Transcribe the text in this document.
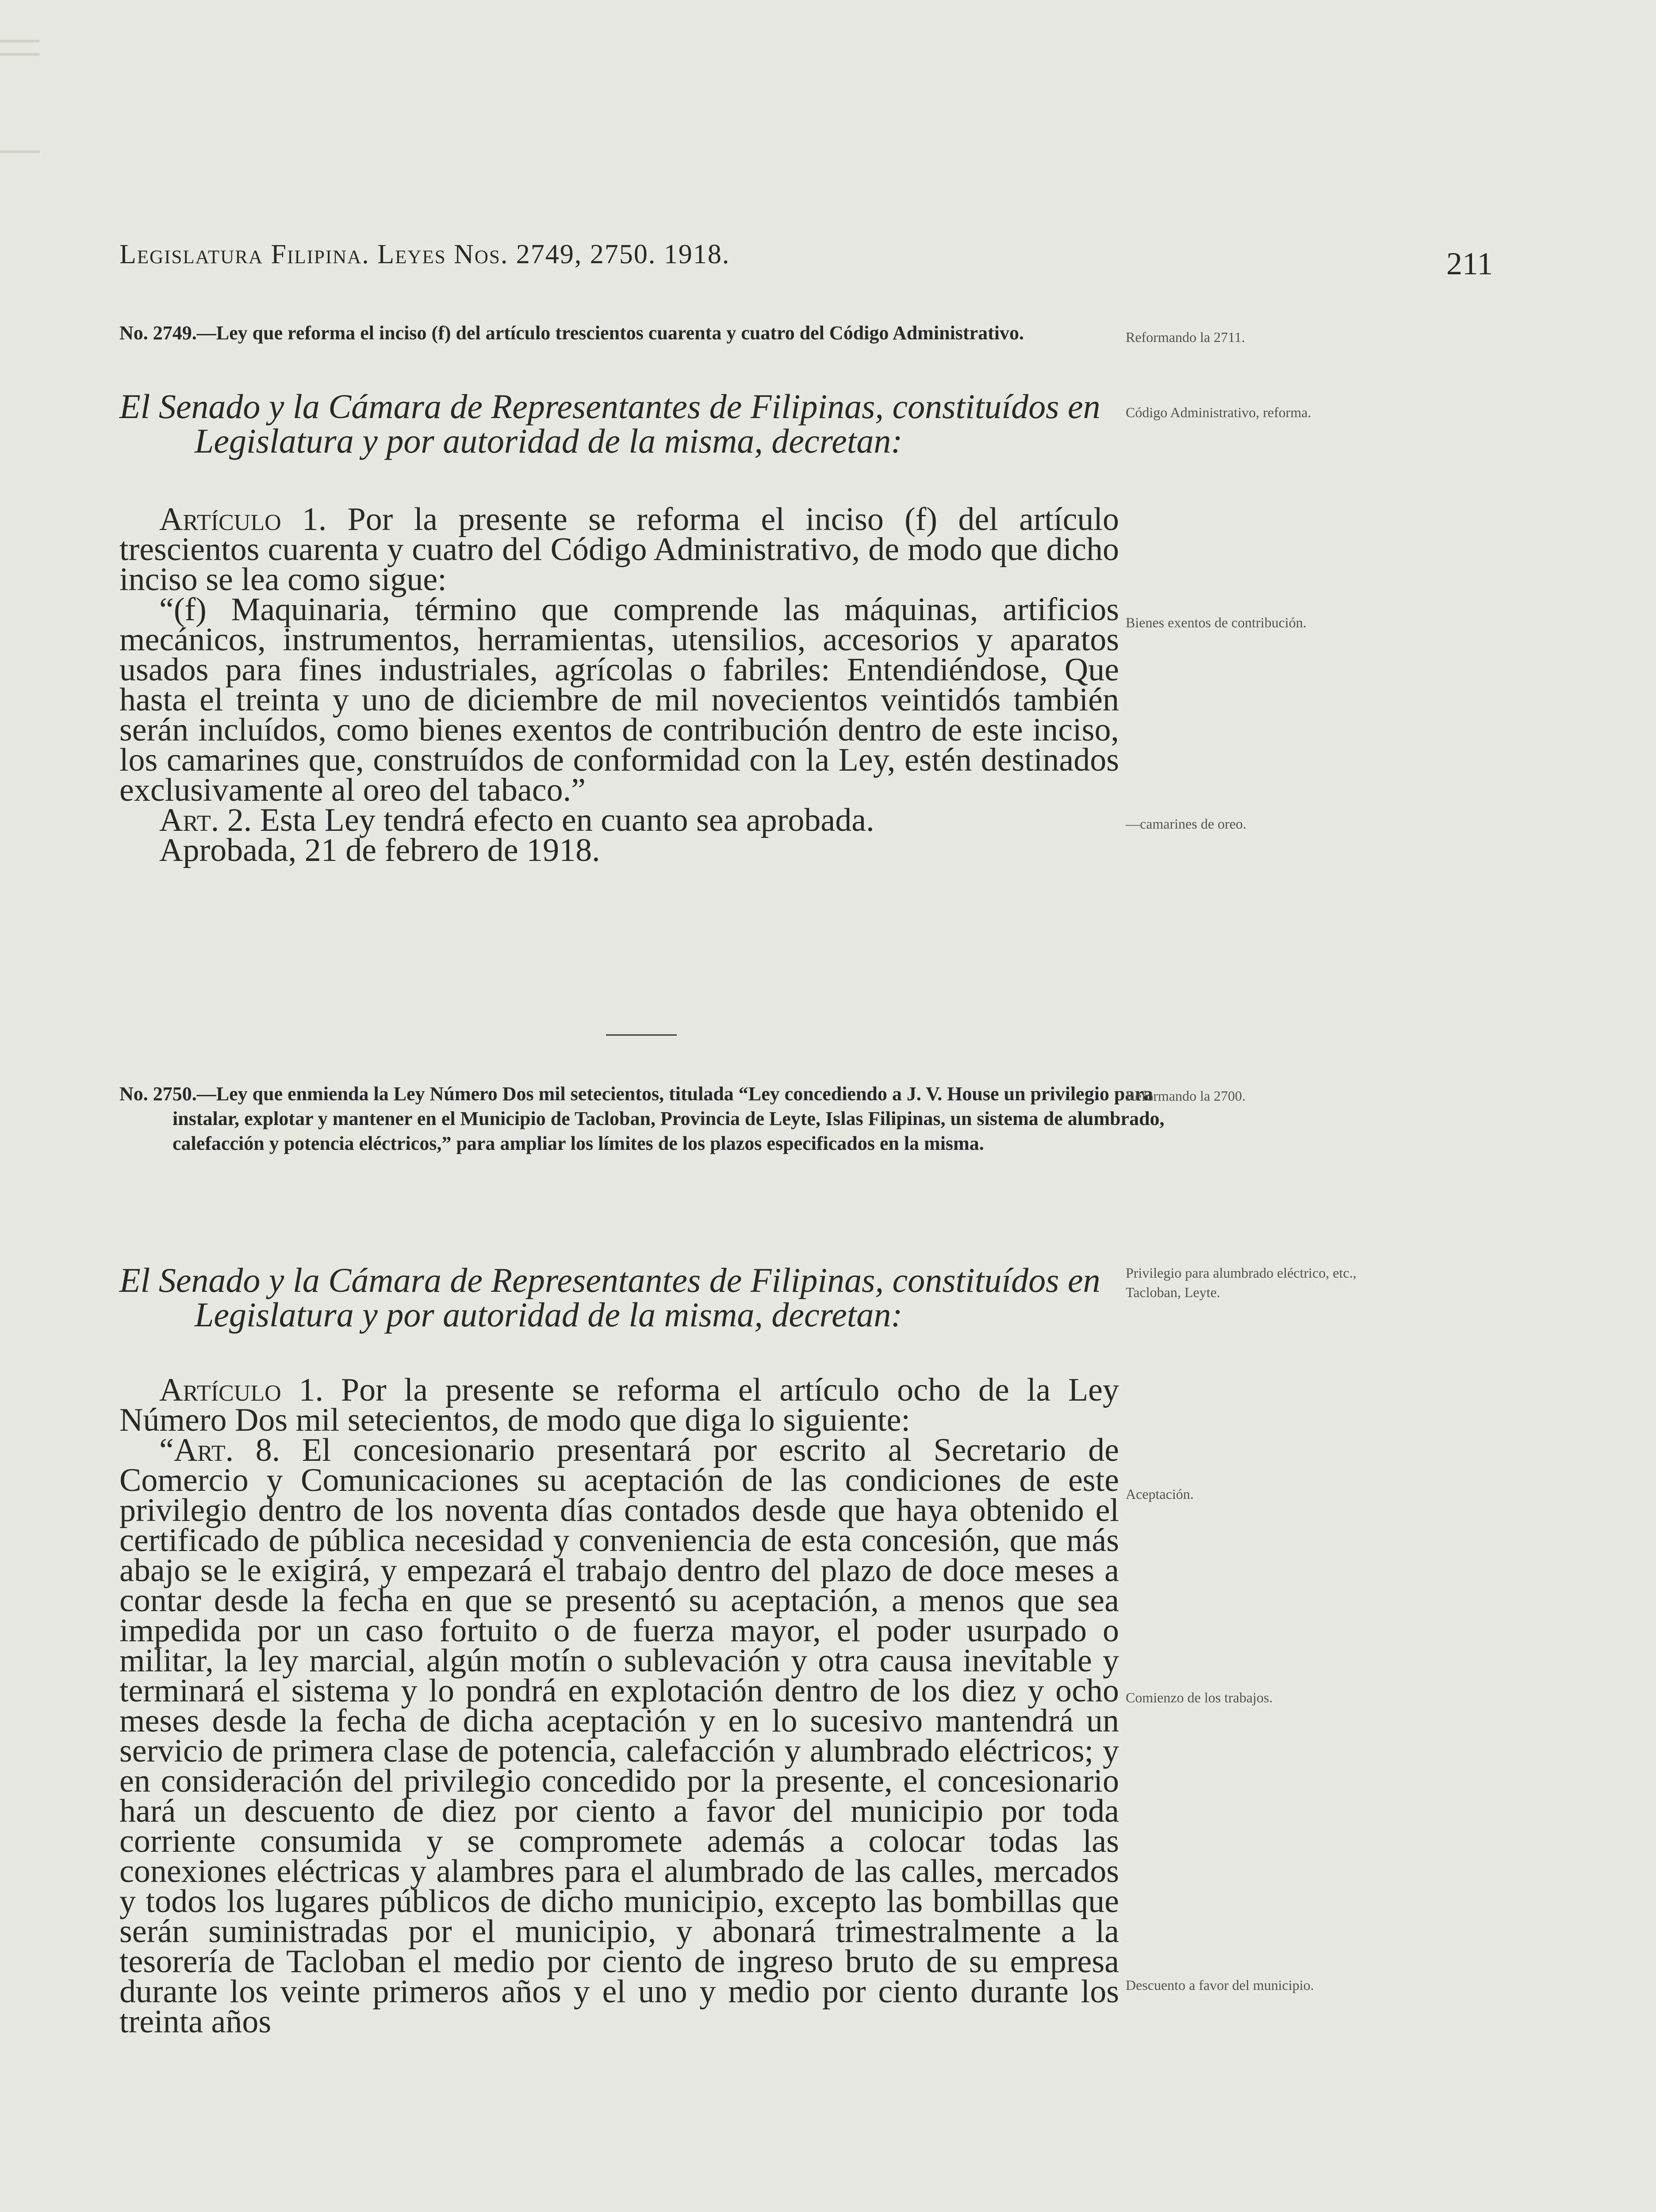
Legislatura Filipina. Leyes Nos. 2749, 2750. 1918.	211
No. 2749.—Ley que reforma el inciso (f) del artículo trescientos cuarenta y cuatro del Código Administrativo.	Reformando la 2711.
El Senado y la Cámara de Representantes de Filipinas, constituídos en Legislatura y por autoridad de la misma, decretan:
Código Administrativo, reforma.

Artículo 1. Por la presente se reforma el inciso (f) del artículo trescientos cuarenta y cuatro del Código Administrativo, de modo que dicho inciso se lea como sigue:

“(f) Maquinaria, término que comprende las máquinas, artificios mecánicos, instrumentos, herramientas, utensilios, accesorios y aparatos usados para fines industriales, agrícolas o fabriles: Entendiéndose, Que hasta el treinta y uno de diciembre de mil novecientos veintidós también serán incluídos, como bienes exentos de contribución dentro de este inciso, los camarines que, construídos de conformidad con la Ley, estén destinados exclusivamente al oreo del tabaco.”

Art. 2. Esta Ley tendrá efecto en cuanto sea aprobada.

Aprobada, 21 de febrero de 1918.

Bienes exentos de contribución.
—camarines de oreo.
No. 2750.—Ley que enmienda la Ley Número Dos mil setecientos, titulada “Ley concediendo a J. V. House un privilegio para instalar, explotar y mantener en el Municipio de Tacloban, Provincia de Leyte, Islas Filipinas, un sistema de alumbrado, calefacción y potencia eléctricos,” para ampliar los límites de los plazos especificados en la misma.
Reformando la 2700.
El Senado y la Cámara de Representantes de Filipinas, constituídos en Legislatura y por autoridad de la misma, decretan:
Privilegio para alumbrado eléctrico, etc., Tacloban, Leyte.

Artículo 1. Por la presente se reforma el artículo ocho de la Ley Número Dos mil setecientos, de modo que diga lo siguiente:

“Art. 8. El concesionario presentará por escrito al Secretario de Comercio y Comunicaciones su aceptación de las condiciones de este privilegio dentro de los noventa días contados desde que haya obtenido el certificado de pública necesidad y conveniencia de esta concesión, que más abajo se le exigirá, y empezará el trabajo dentro del plazo de doce meses a contar desde la fecha en que se presentó su aceptación, a menos que sea impedida por un caso fortuito o de fuerza mayor, el poder usurpado o militar, la ley marcial, algún motín o sublevación y otra causa inevitable y terminará el sistema y lo pondrá en explotación dentro de los diez y ocho meses desde la fecha de dicha aceptación y en lo sucesivo mantendrá un servicio de primera clase de potencia, calefacción y alumbrado eléctricos; y en consideración del privilegio concedido por la presente, el concesionario hará un descuento de diez por ciento a favor del municipio por toda corriente consumida y se compromete además a colocar todas las conexiones eléctricas y alambres para el alumbrado de las calles, mercados y todos los lugares públicos de dicho municipio, excepto las bombillas que serán suministradas por el municipio, y abonará trimestralmente a la tesorería de Tacloban el medio por ciento de ingreso bruto de su empresa durante los veinte primeros años y el uno y medio por ciento durante los treinta años

Aceptación.
Comienzo de los trabajos.
Descuento a favor del municipio.
